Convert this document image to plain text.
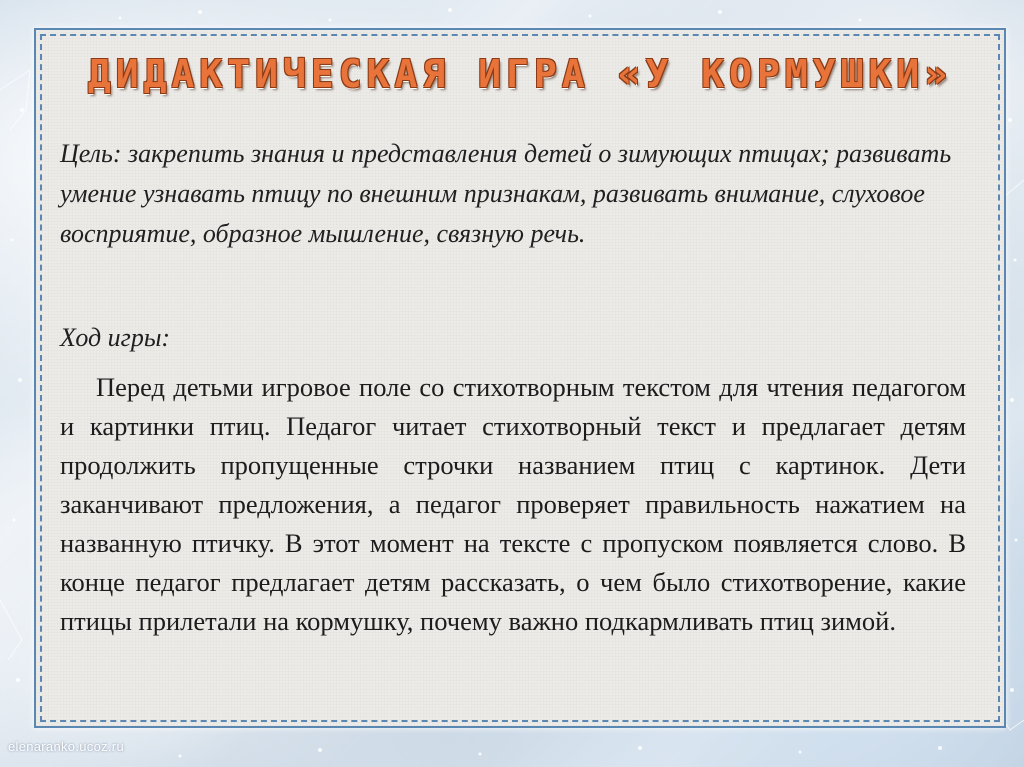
ДИДАКТИЧЕСКАЯ ИГРА «У КОРМУШКИ»

Цель: закрепить знания и представления детей о зимующих птицах; развивать умение узнавать птицу по внешним признакам, развивать внимание, слуховое восприятие, образное мышление, связную речь.

Ход игры:

Перед детьми игровое поле со стихотворным текстом для чтения педагогом и картинки птиц. Педагог читает стихотворный текст и предлагает детям продолжить пропущенные строчки названием птиц с картинок. Дети заканчивают предложения, а педагог проверяет правильность нажатием на названную птичку. В этот момент на тексте с пропуском появляется слово. В конце педагог предлагает детям рассказать, о чем было стихотворение, какие птицы прилетали на кормушку, почему важно подкармливать птиц зимой.

elenaranko.ucoz.ru
